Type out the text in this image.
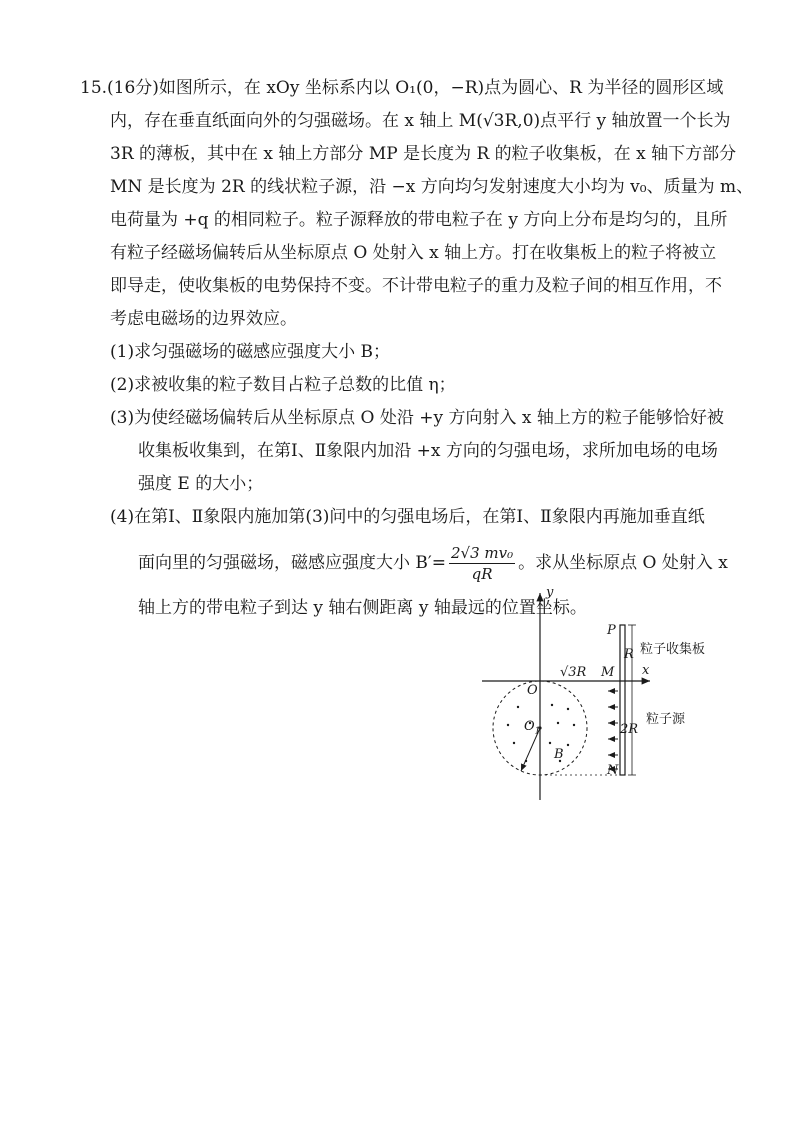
15.(16分)如图所示，在 xOy 坐标系内以 O₁(0，−R)点为圆心、R 为半径的圆形区域
内，存在垂直纸面向外的匀强磁场。在 x 轴上 M(√3R,0)点平行 y 轴放置一个长为
3R 的薄板，其中在 x 轴上方部分 MP 是长度为 R 的粒子收集板，在 x 轴下方部分
MN 是长度为 2R 的线状粒子源，沿 −x 方向均匀发射速度大小均为 v₀、质量为 m、
电荷量为 +q 的相同粒子。粒子源释放的带电粒子在 y 方向上分布是均匀的，且所
有粒子经磁场偏转后从坐标原点 O 处射入 x 轴上方。打在收集板上的粒子将被立
即导走，使收集板的电势保持不变。不计带电粒子的重力及粒子间的相互作用，不
考虑电磁场的边界效应。
(1)求匀强磁场的磁感应强度大小 B；
(2)求被收集的粒子数目占粒子总数的比值 η；
(3)为使经磁场偏转后从坐标原点 O 处沿 +y 方向射入 x 轴上方的粒子能够恰好被
收集板收集到，在第Ⅰ、Ⅱ象限内加沿 +x 方向的匀强电场，求所加电场的电场
强度 E 的大小；
(4)在第Ⅰ、Ⅱ象限内施加第(3)问中的匀强电场后，在第Ⅰ、Ⅱ象限内再施加垂直纸
面向里的匀强磁场，磁感应强度大小 $B'= \frac{\text{2√3 mv₀}}{qR}$ 。求从坐标原点 O 处射入 x
轴上方的带电粒子到达 y 轴右侧距离 y 轴最远的位置坐标。
y
x
O
$O_1$
B
P
M
N
R
2R
√3R
粒子收集板
粒子源
